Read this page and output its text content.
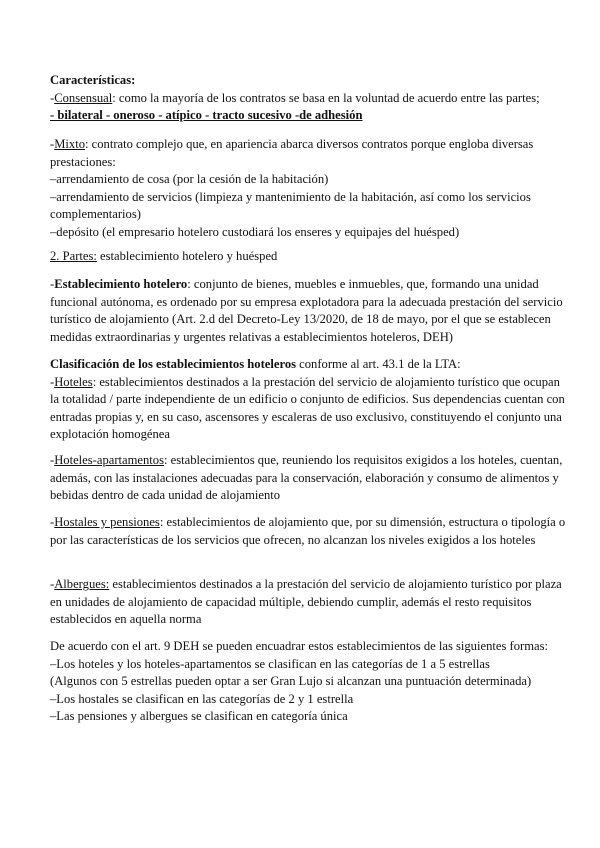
Características:

-Consensual: como la mayoría de los contratos se basa en la voluntad de acuerdo entre las partes;

- bilateral - oneroso - atípico - tracto sucesivo -de adhesión

-Mixto: contrato complejo que, en apariencia abarca diversos contratos porque engloba diversas prestaciones:

–arrendamiento de cosa (por la cesión de la habitación)

–arrendamiento de servicios (limpieza y mantenimiento de la habitación, así como los servicios complementarios)

–depósito (el empresario hotelero custodiará los enseres y equipajes del huésped)

2. Partes: establecimiento hotelero y huésped

-Establecimiento hotelero: conjunto de bienes, muebles e inmuebles, que, formando una unidad funcional autónoma, es ordenado por su empresa explotadora para la adecuada prestación del servicio turístico de alojamiento (Art. 2.d del Decreto-Ley 13/2020, de 18 de mayo, por el que se establecen medidas extraordinarias y urgentes relativas a establecimientos hoteleros, DEH)

Clasificación de los establecimientos hoteleros conforme al art. 43.1 de la LTA:

-Hoteles: establecimientos destinados a la prestación del servicio de alojamiento turístico que ocupan la totalidad / parte independiente de un edificio o conjunto de edificios. Sus dependencias cuentan con entradas propias y, en su caso, ascensores y escaleras de uso exclusivo, constituyendo el conjunto una explotación homogénea

-Hoteles-apartamentos: establecimientos que, reuniendo los requisitos exigidos a los hoteles, cuentan, además, con las instalaciones adecuadas para la conservación, elaboración y consumo de alimentos y bebidas dentro de cada unidad de alojamiento

-Hostales y pensiones: establecimientos de alojamiento que, por su dimensión, estructura o tipología o por las características de los servicios que ofrecen, no alcanzan los niveles exigidos a los hoteles

-Albergues: establecimientos destinados a la prestación del servicio de alojamiento turístico por plaza en unidades de alojamiento de capacidad múltiple, debiendo cumplir, además el resto requisitos establecidos en aquella norma

De acuerdo con el art. 9 DEH se pueden encuadrar estos establecimientos de las siguientes formas:

–Los hoteles y los hoteles-apartamentos se clasifican en las categorías de 1 a 5 estrellas

(Algunos con 5 estrellas pueden optar a ser Gran Lujo si alcanzan una puntuación determinada)

–Los hostales se clasifican en las categorías de 2 y 1 estrella

–Las pensiones y albergues se clasifican en categoría única
